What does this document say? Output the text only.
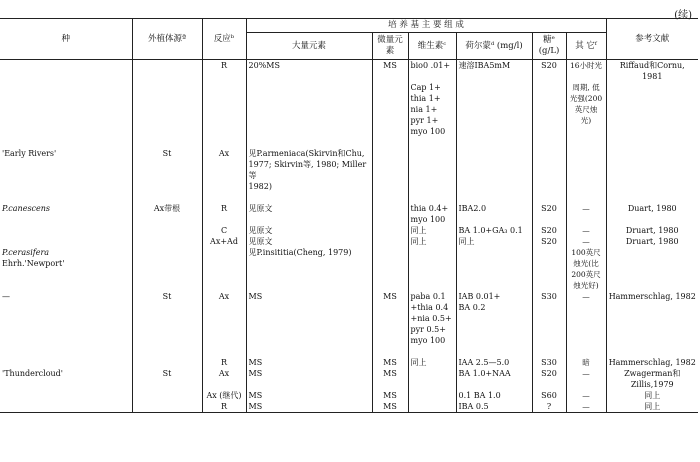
(续)
种	外植体源ª	反应ᵇ	培 养 基 主 要 组 成						参考文献
			大量元素	微量元素	维生素ᶜ	荷尔蒙ᵈ (mg/l)	糖ᵉ (g/L)	其 它ᶠ	
		R	20%MS	MS	bio0 .01+	速溶IBA5mM	S20	16小时光	Riffaud和Cornu, 1981
					Cap 1+			周期, 低	
					thia 1+			光强(200	
					nia 1+			英尺烛	
					pyr 1+			光)	
					myo 100				

'Early Rivers'	St	Ax	见P.armeniaca(Skirvin和Chu,						
			1977; Skirvin等, 1980; Miller等						
			1982)						

P.canescens	Ax带根	R	见原文		thia 0.4+	IBA2.0	S20	—	Duart, 1980
					myo 100				
		C	见原文		同上	BA 1.0+GA₃ 0.1	S20	—	Druart, 1980
		Ax+Ad	见原文		同上	同上	S20	—	Druart, 1980
P.cerasifera			见P.insititia(Cheng, 1979)					100英尺	
Ehrh.'Newport'								烛光(比	
								200英尺	
								烛光好)	
—	St	Ax	MS	MS	paba 0.1	IAB 0.01+	S30	—	Hammerschlag, 1982
					+thia 0.4	BA 0.2			
					+nia 0.5+				
					pyr 0.5+				
					myo 100				

		R	MS	MS	同上	IAA 2.5—5.0	S30	暗	Hammerschlag, 1982
'Thundercloud'	St	Ax	MS	MS		BA 1.0+NAA	S20	—	Zwagerman和Zillis,1979
		Ax (继代)	MS	MS		0.1 BA 1.0	S60	—	同上
		R	MS	MS		IBA 0.5	?	—	同上
